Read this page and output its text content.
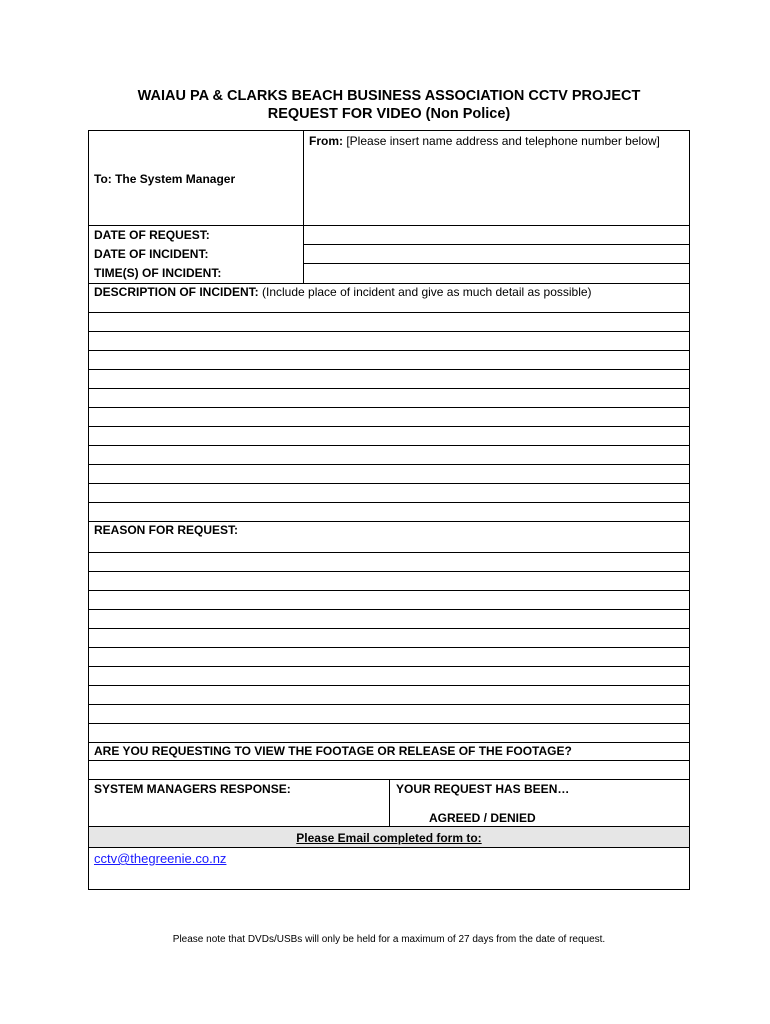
WAIAU PA & CLARKS BEACH BUSINESS ASSOCIATION CCTV PROJECT
REQUEST FOR VIDEO (Non Police)
From: [Please insert name address and telephone number below]
To: The System Manager
DATE OF REQUEST:
DATE OF INCIDENT:
TIME(S) OF INCIDENT:
DESCRIPTION OF INCIDENT: (Include place of incident and give as much detail as possible)
REASON FOR REQUEST:
ARE YOU REQUESTING TO VIEW THE FOOTAGE OR RELEASE OF THE FOOTAGE?
SYSTEM MANAGERS RESPONSE:	YOUR REQUEST HAS BEEN…
AGREED / DENIED
Please Email completed form to:
cctv@thegreenie.co.nz
Please note that DVDs/USBs will only be held for a maximum of 27 days from the date of request.
